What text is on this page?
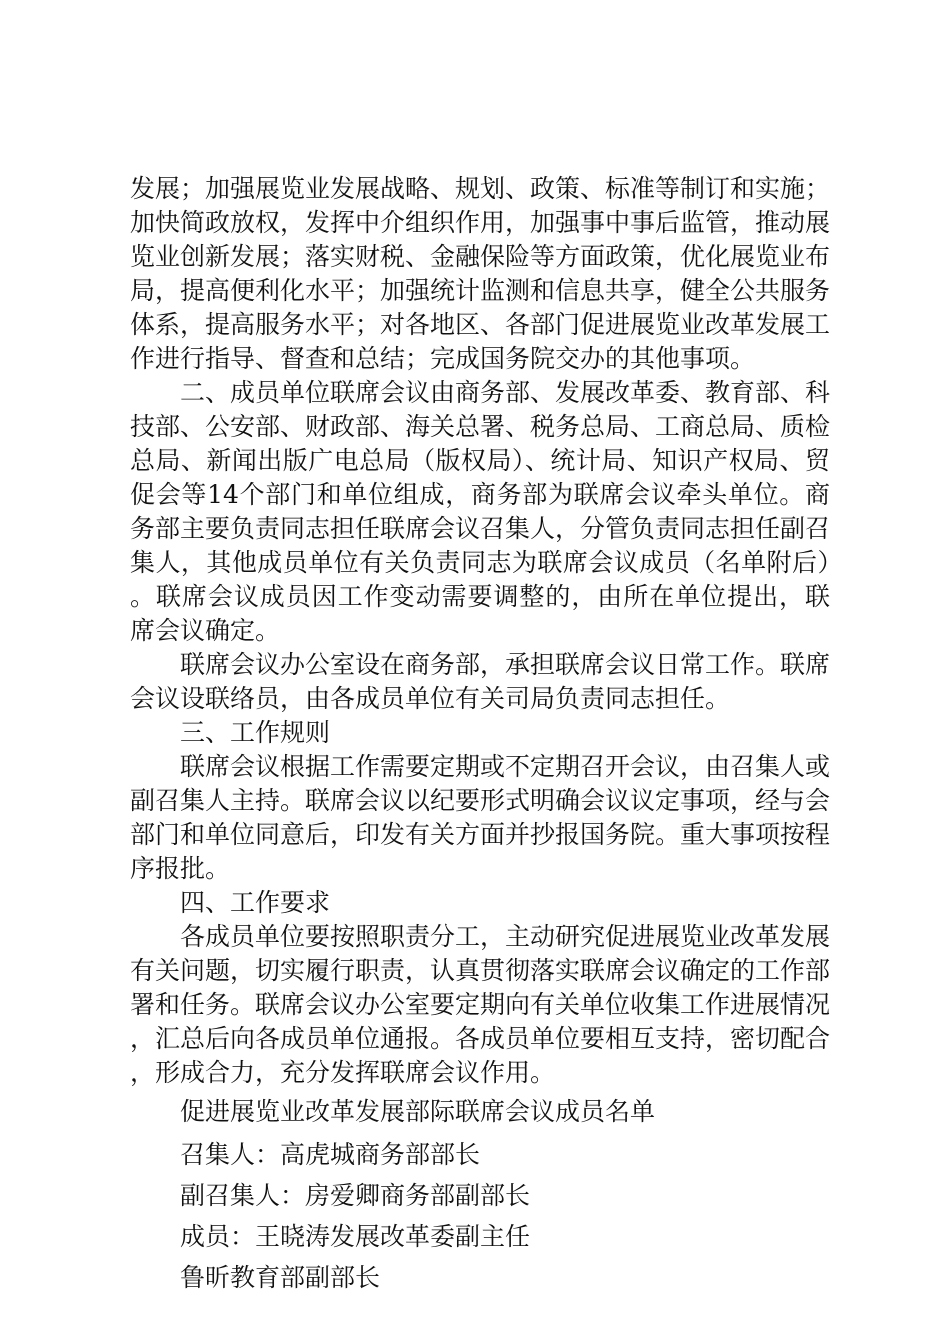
发展；加强展览业发展战略、规划、政策、标准等制订和实施；加快简政放权，发挥中介组织作用，加强事中事后监管，推动展览业创新发展；落实财税、金融保险等方面政策，优化展览业布局，提高便利化水平；加强统计监测和信息共享，健全公共服务体系，提高服务水平；对各地区、各部门促进展览业改革发展工作进行指导、督查和总结；完成国务院交办的其他事项。

二、成员单位联席会议由商务部、发展改革委、教育部、科技部、公安部、财政部、海关总署、税务总局、工商总局、质检总局、新闻出版广电总局（版权局）、统计局、知识产权局、贸促会等14个部门和单位组成，商务部为联席会议牵头单位。商务部主要负责同志担任联席会议召集人，分管负责同志担任副召集人，其他成员单位有关负责同志为联席会议成员（名单附后）。联席会议成员因工作变动需要调整的，由所在单位提出，联席会议确定。

联席会议办公室设在商务部，承担联席会议日常工作。联席会议设联络员，由各成员单位有关司局负责同志担任。

三、工作规则

联席会议根据工作需要定期或不定期召开会议，由召集人或副召集人主持。联席会议以纪要形式明确会议议定事项，经与会部门和单位同意后，印发有关方面并抄报国务院。重大事项按程序报批。

四、工作要求

各成员单位要按照职责分工，主动研究促进展览业改革发展有关问题，切实履行职责，认真贯彻落实联席会议确定的工作部署和任务。联席会议办公室要定期向有关单位收集工作进展情况，汇总后向各成员单位通报。各成员单位要相互支持，密切配合，形成合力，充分发挥联席会议作用。

促进展览业改革发展部际联席会议成员名单

召集人：高虎城商务部部长

副召集人：房爱卿商务部副部长

成员：王晓涛发展改革委副主任

鲁昕教育部副部长
